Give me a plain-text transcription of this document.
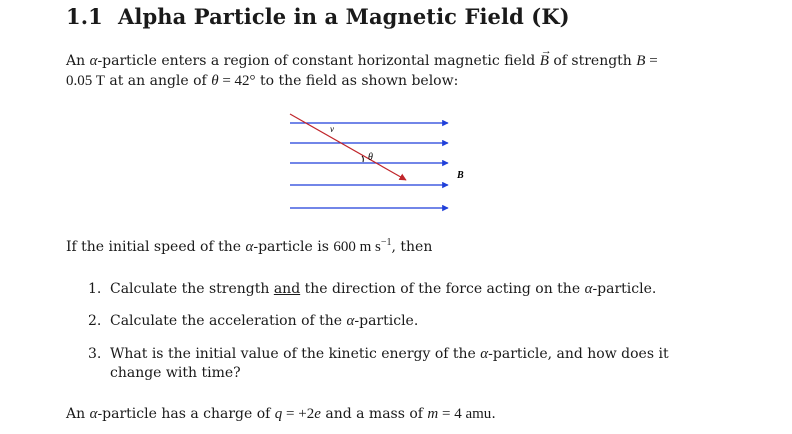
1.1 Alpha Particle in a Magnetic Field (K)
An α-particle enters a region of constant horizontal magnetic field → B of strength B =
0.05 T at an angle of θ = 42° to the field as shown below:
v
θ
B
If the initial speed of the α-particle is 600 m $s^{-1}$, then
1. Calculate the strength and the direction of the force acting on the α-particle.
2. Calculate the acceleration of the α-particle.
3. What is the initial value of the kinetic energy of the α-particle, and how does it
change with time?
An α-particle has a charge of q = +2e and a mass of m = 4 amu.
